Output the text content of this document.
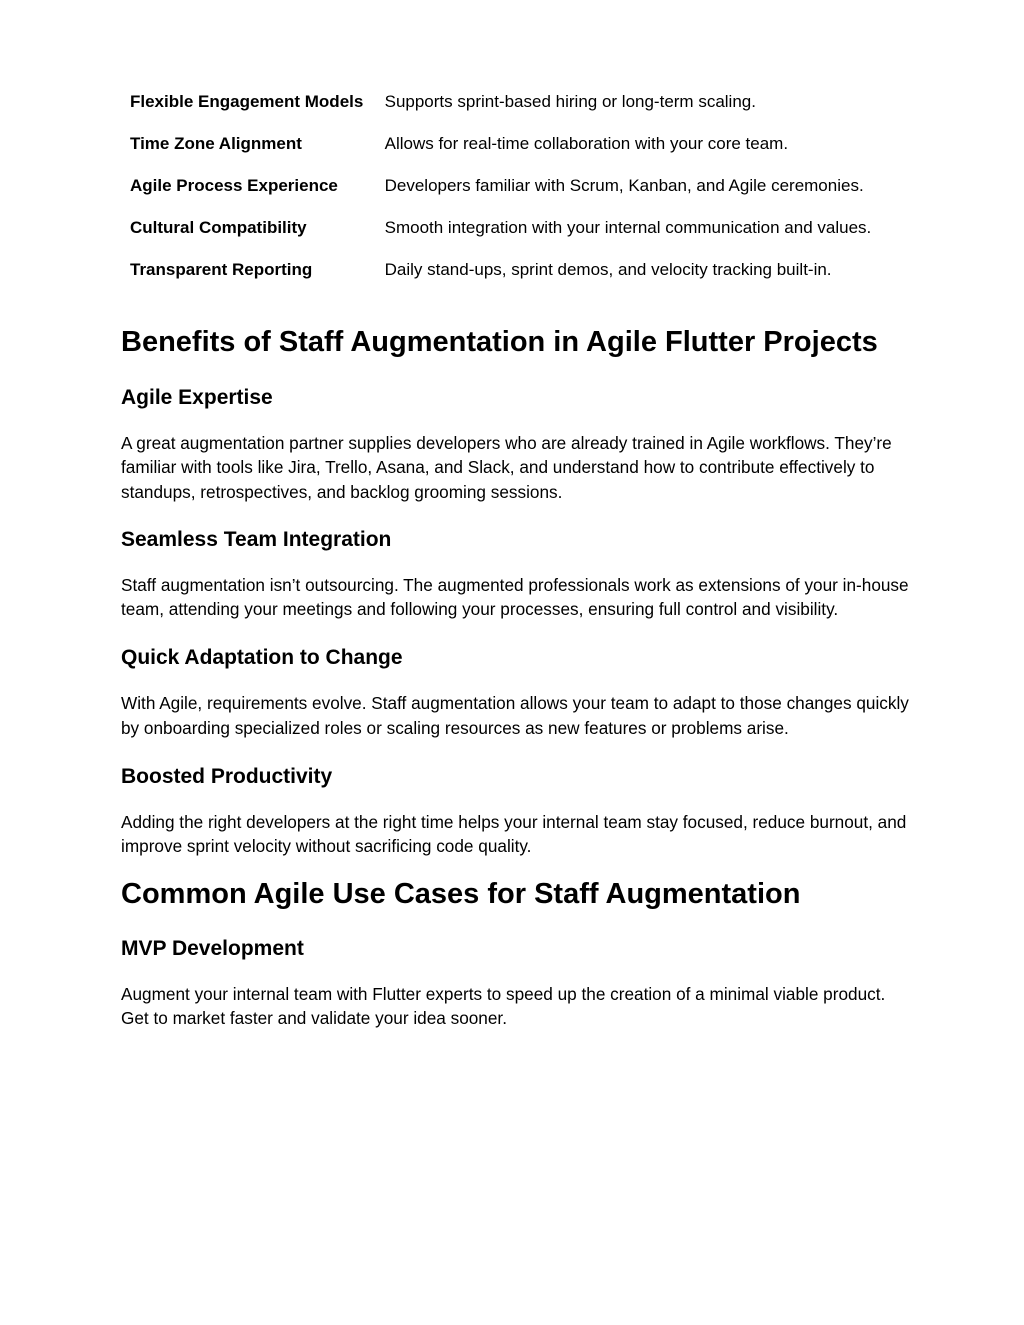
Flexible Engagement Models	Supports sprint-based hiring or long-term scaling.
Time Zone Alignment	Allows for real-time collaboration with your core team.
Agile Process Experience	Developers familiar with Scrum, Kanban, and Agile ceremonies.
Cultural Compatibility	Smooth integration with your internal communication and values.
Transparent Reporting	Daily stand-ups, sprint demos, and velocity tracking built-in.
Benefits of Staff Augmentation in Agile Flutter Projects
Agile Expertise

A great augmentation partner supplies developers who are already trained in Agile workflows. They’re familiar with tools like Jira, Trello, Asana, and Slack, and understand how to contribute effectively to standups, retrospectives, and backlog grooming sessions.

Seamless Team Integration

Staff augmentation isn’t outsourcing. The augmented professionals work as extensions of your in-house team, attending your meetings and following your processes, ensuring full control and visibility.

Quick Adaptation to Change

With Agile, requirements evolve. Staff augmentation allows your team to adapt to those changes quickly by onboarding specialized roles or scaling resources as new features or problems arise.

Boosted Productivity

Adding the right developers at the right time helps your internal team stay focused, reduce burnout, and improve sprint velocity without sacrificing code quality.

Common Agile Use Cases for Staff Augmentation
MVP Development

Augment your internal team with Flutter experts to speed up the creation of a minimal viable product. Get to market faster and validate your idea sooner.
